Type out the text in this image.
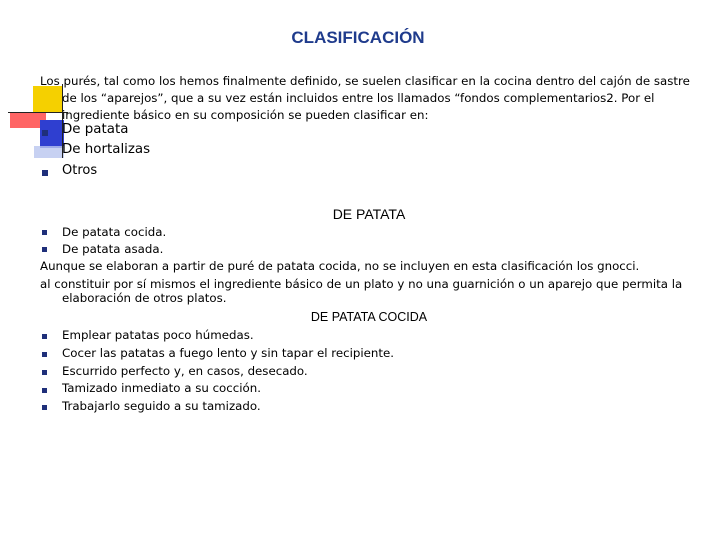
CLASIFICACIÓN
Los purés, tal como los hemos finalmente definido, se suelen clasificar en la cocina dentro del cajón de sastre
de los “aparejos”, que a su vez están incluidos entre los llamados “fondos complementarios2. Por el
ingrediente básico en su composición se pueden clasificar en:
De patata
De hortalizas
Otros
DE PATATA
De patata cocida.
De patata asada.
Aunque se elaboran a partir de puré de patata cocida, no se incluyen en esta clasificación los gnocci.
al constituir por sí mismos el ingrediente básico de un plato y no una guarnición o un aparejo que permita la
elaboración de otros platos.
DE PATATA COCIDA
Emplear patatas poco húmedas.
Cocer las patatas a fuego lento y sin tapar el recipiente.
Escurrido perfecto y, en casos, desecado.
Tamizado inmediato a su cocción.
Trabajarlo seguido a su tamizado.
